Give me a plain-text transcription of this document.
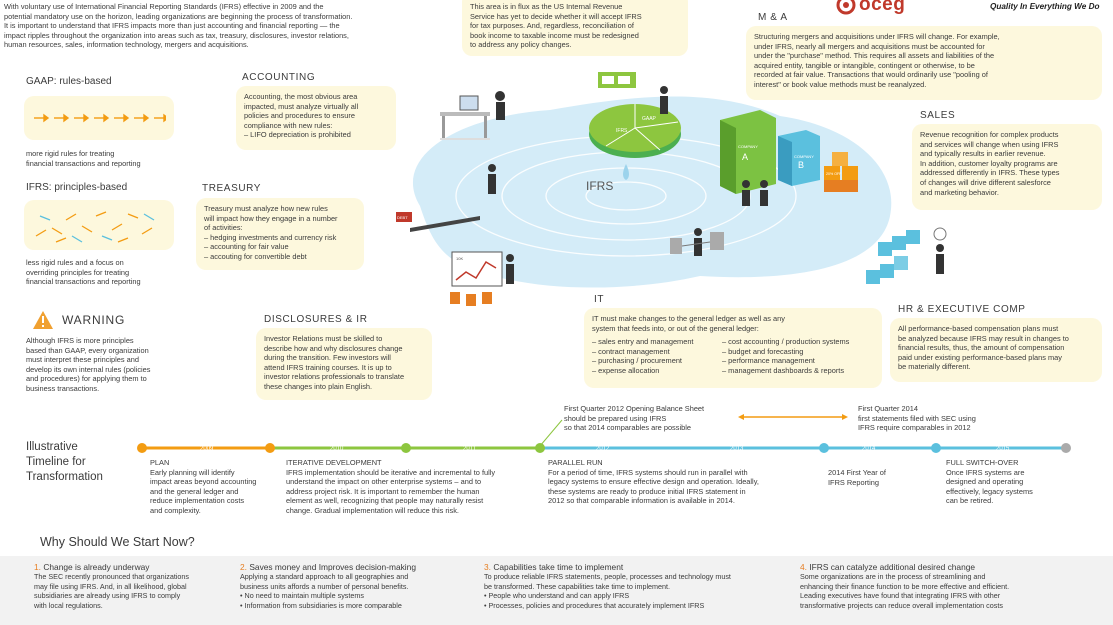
With voluntary use of International Financial Reporting Standards (IFRS) effective in 2009 and the
potential mandatory use on the horizon, leading organizations are beginning the process of transformation.
It is important to understand that IFRS impacts more than just accounting and financial reporting — the
impact ripples throughout the organization into areas such as tax, treasury, disclosures, investor relations,
human resources, sales, information technology, mergers and acquisitions.
This area is in flux as the US Internal Revenue
Service has yet to decide whether it will accept IFRS
for tax purposes. And, regardless, reconciliation of
book income to taxable income must be redesigned
to address any policy changes.
oceg	Quality In Everything We Do
M & A
Structuring mergers and acquisitions under IFRS will change. For example,
under IFRS, nearly all mergers and acquisitions must be accounted for
under the "purchase" method. This requires all assets and liabilities of the
acquired entity, tangible or intangible, contingent or otherwise, to be
recorded at fair value. Transactions that would ordinarily use "pooling of
interest" or book value methods must be reanalyzed.
GAAP: rules-based
more rigid rules for treating
financial transactions and reporting
IFRS: principles-based
less rigid rules and a focus on
overriding principles for treating
financial transactions and reporting
WARNING
Although IFRS is more principles
based than GAAP, every organization
must interpret these principles and
develop its own internal rules (policies
and procedures) for applying them to
business transactions.
ACCOUNTING
Accounting, the most obvious area
impacted, must analyze virtually all
policies and procedures to ensure
compliance with new rules:
– LIFO depreciation is prohibited
TREASURY
Treasury must analyze how new rules
will impact how they engage in a number
of activities:
– hedging investments and currency risk
– accounting for fair value
– accouting for convertible debt
DISCLOSURES & IR
Investor Relations must be skilled to
describe how and why disclosures change
during the transition. Few investors will
attend IFRS training courses. It is up to
investor relations professionals to translate
these changes into plain English.
SALES
Revenue recognition for complex products
and services will change when using IFRS
and typically results in earlier revenue.
In addition, customer loyalty programs are
addressed differently in IFRS. These types
of changes will drive different salesforce
and marketing behavior.
IT
IT must make changes to the general ledger as well as any
system that feeds into, or out of the general ledger:
– sales entry and management
– contract management
– purchasing / procurement
– expense allocation
– cost accounting / production systems
– budget and forecasting
– performance management
– management dashboards & reports
HR & EXECUTIVE COMP
All performance-based compensation plans must
be analyzed because IFRS may result in changes to
financial results, thus, the amount of compensation
paid under existing performance-based plans may
be materially different.
IFRS
IFRS
GAAP
COMPANY
A	COMPANY
B
20% OFF
DEBT
10K
Illustrative
Timeline for
Transformation
2009	2010	2011	2012	2013	2014	2015
First Quarter 2012 Opening Balance Sheet
should be prepared using IFRS
so that 2014 comparables are possible
First Quarter 2014
first statements filed with SEC using
IFRS require comparables in 2012
PLAN
Early planning will identify
impact areas beyond accounting
and the general ledger and
reduce implementation costs
and complexity.
ITERATIVE DEVELOPMENT
IFRS implementation should be iterative and incremental to fully
understand the impact on other enterprise systems – and to
address project risk. It is important to remember the human
element as well, recognizing that people may naturally resist
change. Gradual implementation will reduce this risk.
PARALLEL RUN
For a period of time, IFRS systems should run in parallel with
legacy systems to ensure effective design and operation. Ideally,
these systems are ready to produce initial IFRS statement in
2012 so that comparable information is available in 2014.
2014 First Year of
IFRS Reporting
FULL SWITCH-OVER
Once IFRS systems are
designed and operating
effectively, legacy systems
can be retired.
Why Should We Start Now?
1. Change is already underway
The SEC recently pronounced that organizations
may file using IFRS. And, in all likelihood, global
subsidiaries are already using IFRS to comply
with local regulations.
2. Saves money and Improves decision-making
Applying a standard approach to all geographies and
business units affords a number of personal benefits.
• No need to maintain multiple systems
• Information from subsidiaries is more comparable
3. Capabilities take time to implement
To produce reliable IFRS statements, people, processes and technology must
be transformed. These capabilities take time to implement.
• People who understand and can apply IFRS
• Processes, policies and procedures that accurately implement IFRS
4. IFRS can catalyze additional desired change
Some organizations are in the process of streamlining and
enhancing their finance function to be more effective and efficient.
Leading executives have found that integrating IFRS with other
transformative projects can reduce overall implementation costs
